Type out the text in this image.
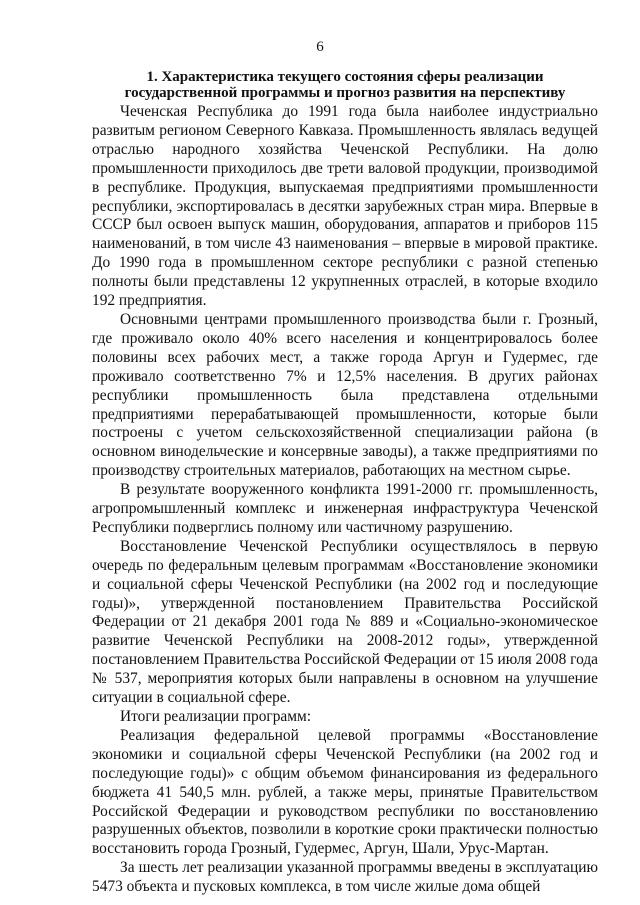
6
1. Характеристика текущего состояния сферы реализации
государственной программы и прогноз развития на перспективу

Чеченская Республика до 1991 года была наиболее индустриально развитым регионом Северного Кавказа. Промышленность являлась ведущей отраслью народного хозяйства Чеченской Республики. На долю промышленности приходилось две трети валовой продукции, производимой в республике. Продукция, выпускаемая предприятиями промышленности республики, экспортировалась в десятки зарубежных стран мира. Впервые в СССР был освоен выпуск машин, оборудования, аппаратов и приборов 115 наименований, в том числе 43 наименования – впервые в мировой практике. До 1990 года в промышленном секторе республики с разной степенью полноты были представлены 12 укрупненных отраслей, в которые входило 192 предприятия.

Основными центрами промышленного производства были г. Грозный, где проживало около 40% всего населения и концентрировалось более половины всех рабочих мест, а также города Аргун и Гудермес, где проживало соответственно 7% и 12,5% населения. В других районах республики промышленность была представлена отдельными предприятиями перерабатывающей промышленности, которые были построены с учетом сельскохозяйственной специализации района (в основном винодельческие и консервные заводы), а также предприятиями по производству строительных материалов, работающих на местном сырье.

В результате вооруженного конфликта 1991-2000 гг. промышленность, агропромышленный комплекс и инженерная инфраструктура Чеченской Республики подверглись полному или частичному разрушению.

Восстановление Чеченской Республики осуществлялось в первую очередь по федеральным целевым программам «Восстановление экономики и социальной сферы Чеченской Республики (на 2002 год и последующие годы)», утвержденной постановлением Правительства Российской Федерации от 21 декабря 2001 года № 889 и «Социально-экономическое развитие Чеченской Республики на 2008-2012 годы», утвержденной постановлением Правительства Российской Федерации от 15 июля 2008 года № 537, мероприятия которых были направлены в основном на улучшение ситуации в социальной сфере.

Итоги реализации программ:

Реализация федеральной целевой программы «Восстановление экономики и социальной сферы Чеченской Республики (на 2002 год и последующие годы)» с общим объемом финансирования из федерального бюджета 41 540,5 млн. рублей, а также меры, принятые Правительством Российской Федерации и руководством республики по восстановлению разрушенных объектов, позволили в короткие сроки практически полностью восстановить города Грозный, Гудермес, Аргун, Шали, Урус-Мартан.

За шесть лет реализации указанной программы введены в эксплуатацию 5473 объекта и пусковых комплекса, в том числе жилые дома общей
